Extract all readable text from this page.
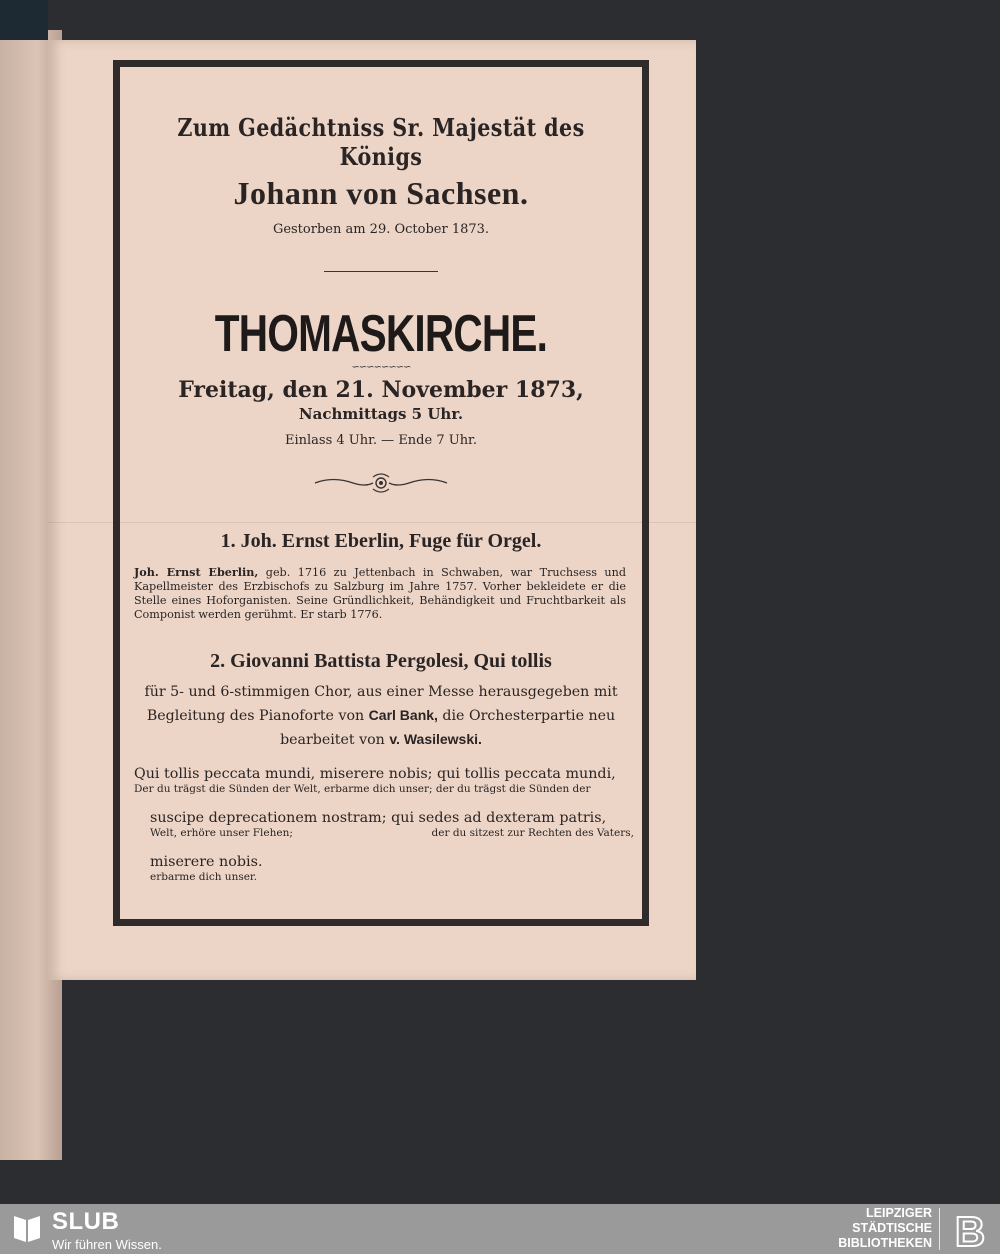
Zum Gedächtniss Sr. Majestät des Königs
Johann von Sachsen.
Gestorben am 29. October 1873.
THOMASKIRCHE.
∽∽∽∽∽∽∽∽
Freitag, den 21. November 1873,
Nachmittags 5 Uhr.
Einlass 4 Uhr. — Ende 7 Uhr.
1. Joh. Ernst Eberlin, Fuge für Orgel.
Joh. Ernst Eberlin, geb. 1716 zu Jettenbach in Schwaben, war Truchsess und Kapellmeister des Erzbischofs zu Salzburg im Jahre 1757. Vorher bekleidete er die Stelle eines Hoforganisten. Seine Gründlichkeit, Behändigkeit und Fruchtbarkeit als Componist werden gerühmt. Er starb 1776.
2. Giovanni Battista Pergolesi, Qui tollis
für 5- und 6-stimmigen Chor, aus einer Messe herausgegeben mit Begleitung des Pianoforte von Carl Bank, die Orchesterpartie neu bearbeitet von v. Wasilewski.
Qui tollis peccata mundi, miserere nobis; qui tollis peccata mundi,
Der du trägst die Sünden der Welt, erbarme dich unser; der du trägst die Sünden der
suscipe deprecationem nostram; qui sedes ad dexteram patris,
Welt, erhöre unser Flehen;	der du sitzest zur Rechten des Vaters,
miserere nobis.
erbarme dich unser.
SLUB
Wir führen Wissen.
LEIPZIGER
STÄDTISCHE
BIBLIOTHEKEN B
